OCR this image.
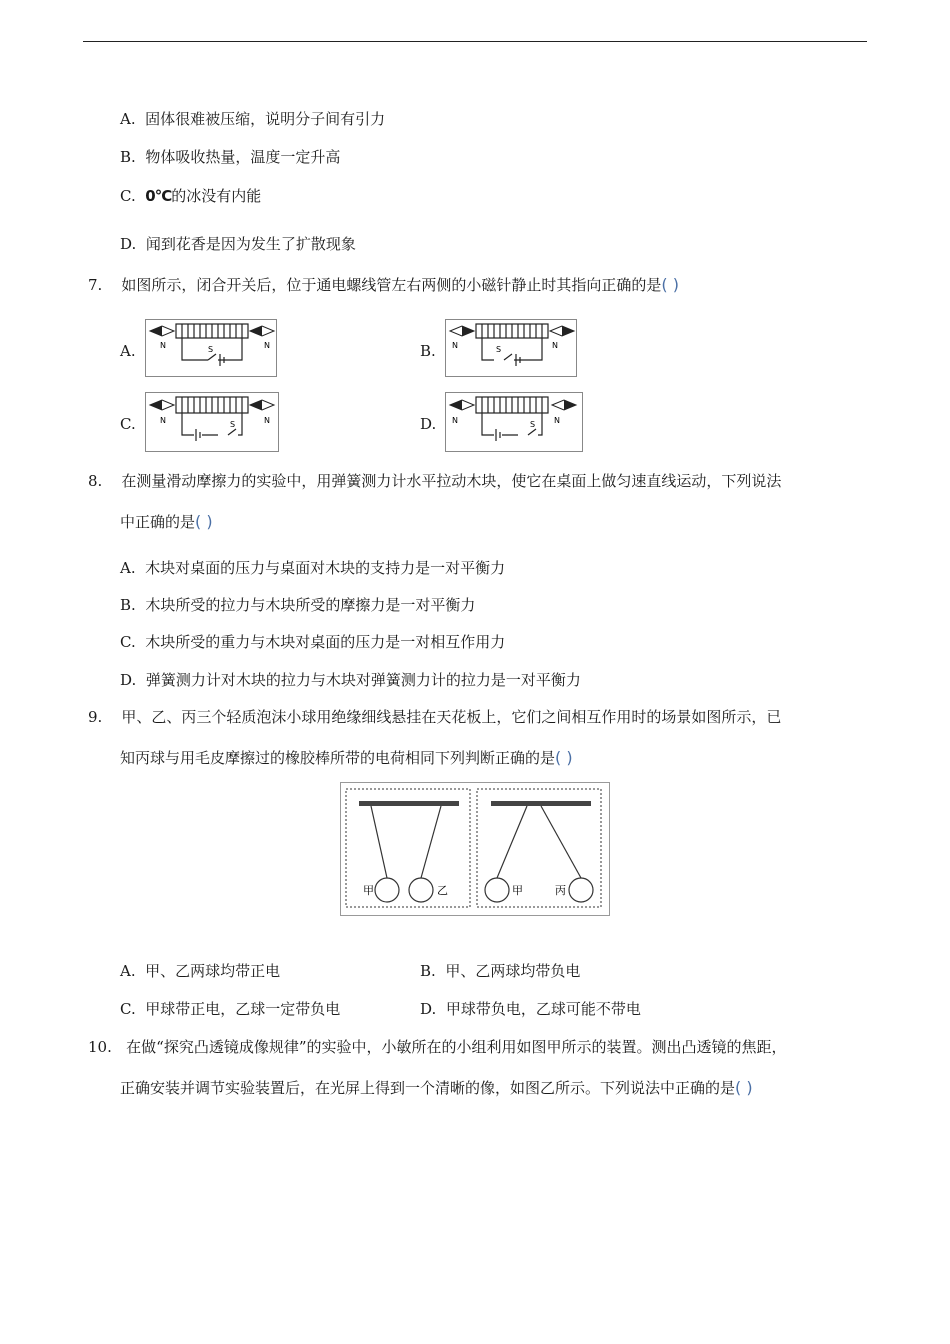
A. 固体很难被压缩，说明分子间有引力
B. 物体吸收热量，温度一定升高
C. 0°C的冰没有内能
D. 闻到花香是因为发生了扩散现象
7. 如图所示，闭合开关后，位于通电螺线管左右两侧的小磁针静止时其指向正确的是( )
A.	B.
C.	D.
N	N
S	N	N
S
N	N
S	N	N
S
8. 在测量滑动摩擦力的实验中，用弹簧测力计水平拉动木块，使它在桌面上做匀速直线运动，下列说法
中正确的是( )
A. 木块对桌面的压力与桌面对木块的支持力是一对平衡力
B. 木块所受的拉力与木块所受的摩擦力是一对平衡力
C. 木块所受的重力与木块对桌面的压力是一对相互作用力
D. 弹簧测力计对木块的拉力与木块对弹簧测力计的拉力是一对平衡力
9. 甲、乙、丙三个轻质泡沫小球用绝缘细线悬挂在天花板上，它们之间相互作用时的场景如图所示，已
知丙球与用毛皮摩擦过的橡胶棒所带的电荷相同下列判断正确的是( )
甲	乙	甲	丙
A. 甲、乙两球均带正电	B. 甲、乙两球均带负电
C. 甲球带正电，乙球一定带负电	D. 甲球带负电，乙球可能不带电
10. 在做“探究凸透镜成像规律”的实验中，小敏所在的小组利用如图甲所示的装置。测出凸透镜的焦距，
正确安装并调节实验装置后，在光屏上得到一个清晰的像，如图乙所示。下列说法中正确的是( )
